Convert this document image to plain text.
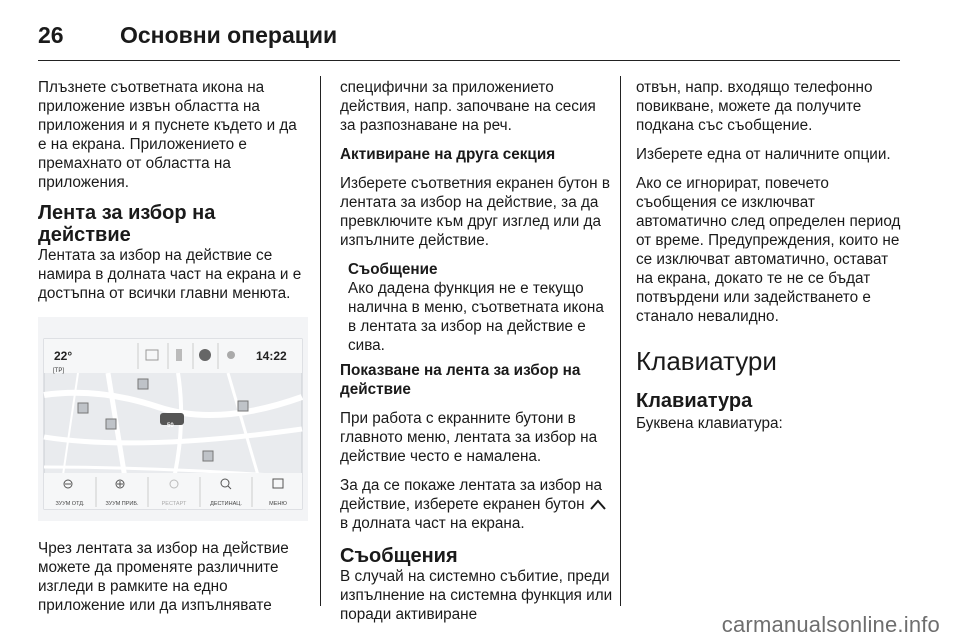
26 Основни операции

Плъзнете съответната икона на приложение извън областта на приложения и я пуснете където и да е на екрана. Приложението е премахнато от областта на приложения.

Лента за избор на действие

Лентата за избор на действие се намира в долната част на екрана и е достъпна от всички главни менюта.

22°
[TP]
14:22
50
ЗУУМ ОТД.	ЗУУМ ПРИБ.	РЕСТАРТ	ДЕСТИНАЦ.	МЕНЮ

Чрез лентата за избор на действие можете да променяте различните изгледи в рамките на едно приложение или да изпълнявате

специфични за приложението действия, напр. започване на сесия за разпознаване на реч.

Активиране на друга секция

Изберете съответния екранен бутон в лентата за избор на действие, за да превключите към друг изглед или да изпълните действие.

Съобщение
Ако дадена функция не е текущо налична в меню, съответната икона в лентата за избор на действие е сива.

Показване на лента за избор на действие

При работа с екранните бутони в главното меню, лентата за избор на действие често е намалена.

За да се покаже лентата за избор на действие, изберете екранен бутон  в долната част на екрана.

Съобщения

В случай на системно събитие, преди изпълнение на системна функция или поради активиране

отвън, напр. входящо телефонно повикване, можете да получите подкана със съобщение.

Изберете една от наличните опции.

Ако се игнорират, повечето съобщения се изключват автоматично след определен период от време. Предупреждения, които не се изключват автоматично, остават на екрана, докато те не се бъдат потвърдени или задействането е станало невалидно.

Клавиатури
Клавиатура

Буквена клавиатура:

carmanualsonline.info
